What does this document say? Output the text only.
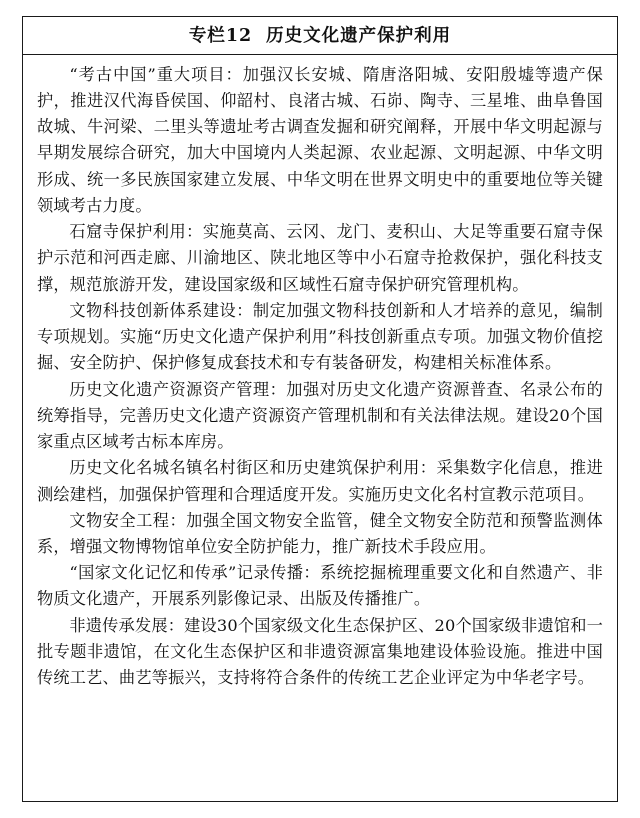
专栏12 历史文化遗产保护利用

“考古中国”重大项目：加强汉长安城、隋唐洛阳城、安阳殷墟等遗产保护，推进汉代海昏侯国、仰韶村、良渚古城、石峁、陶寺、三星堆、曲阜鲁国故城、牛河梁、二里头等遗址考古调查发掘和研究阐释，开展中华文明起源与早期发展综合研究，加大中国境内人类起源、农业起源、文明起源、中华文明形成、统一多民族国家建立发展、中华文明在世界文明史中的重要地位等关键领域考古力度。

石窟寺保护利用：实施莫高、云冈、龙门、麦积山、大足等重要石窟寺保护示范和河西走廊、川渝地区、陕北地区等中小石窟寺抢救保护，强化科技支撑，规范旅游开发，建设国家级和区域性石窟寺保护研究管理机构。

文物科技创新体系建设：制定加强文物科技创新和人才培养的意见，编制专项规划。实施“历史文化遗产保护利用”科技创新重点专项。加强文物价值挖掘、安全防护、保护修复成套技术和专有装备研发，构建相关标准体系。

历史文化遗产资源资产管理：加强对历史文化遗产资源普查、名录公布的统筹指导，完善历史文化遗产资源资产管理机制和有关法律法规。建设20个国家重点区域考古标本库房。

历史文化名城名镇名村街区和历史建筑保护利用：采集数字化信息，推进测绘建档，加强保护管理和合理适度开发。实施历史文化名村宣教示范项目。

文物安全工程：加强全国文物安全监管，健全文物安全防范和预警监测体系，增强文物博物馆单位安全防护能力，推广新技术手段应用。

“国家文化记忆和传承”记录传播：系统挖掘梳理重要文化和自然遗产、非物质文化遗产，开展系列影像记录、出版及传播推广。

非遗传承发展：建设30个国家级文化生态保护区、20个国家级非遗馆和一批专题非遗馆，在文化生态保护区和非遗资源富集地建设体验设施。推进中国传统工艺、曲艺等振兴，支持将符合条件的传统工艺企业评定为中华老字号。
